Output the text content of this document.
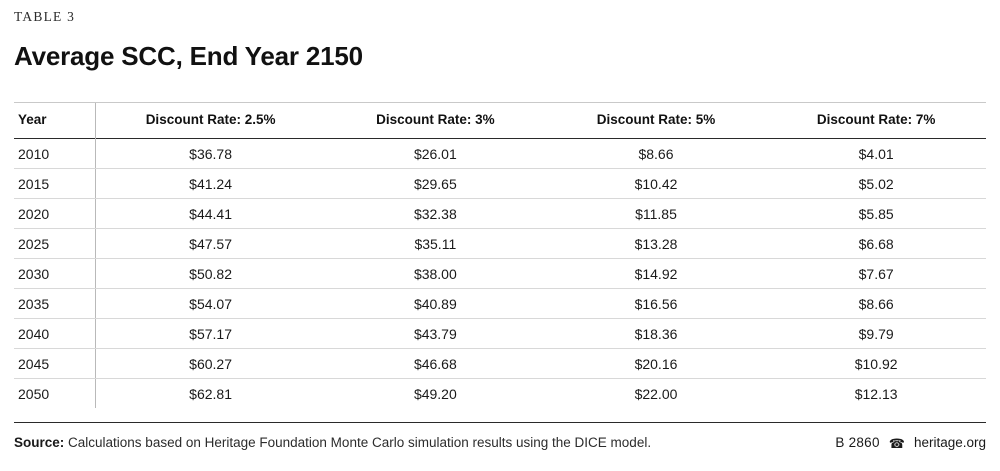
TABLE 3
Average SCC, End Year 2150
Year	Discount Rate: 2.5%	Discount Rate: 3%	Discount Rate: 5%	Discount Rate: 7%
2010	$36.78	$26.01	$8.66	$4.01
2015	$41.24	$29.65	$10.42	$5.02
2020	$44.41	$32.38	$11.85	$5.85
2025	$47.57	$35.11	$13.28	$6.68
2030	$50.82	$38.00	$14.92	$7.67
2035	$54.07	$40.89	$16.56	$8.66
2040	$57.17	$43.79	$18.36	$9.79
2045	$60.27	$46.68	$20.16	$10.92
2050	$62.81	$49.20	$22.00	$12.13
Source: Calculations based on Heritage Foundation Monte Carlo simulation results using the DICE model.	B 2860 ☎ heritage.org
